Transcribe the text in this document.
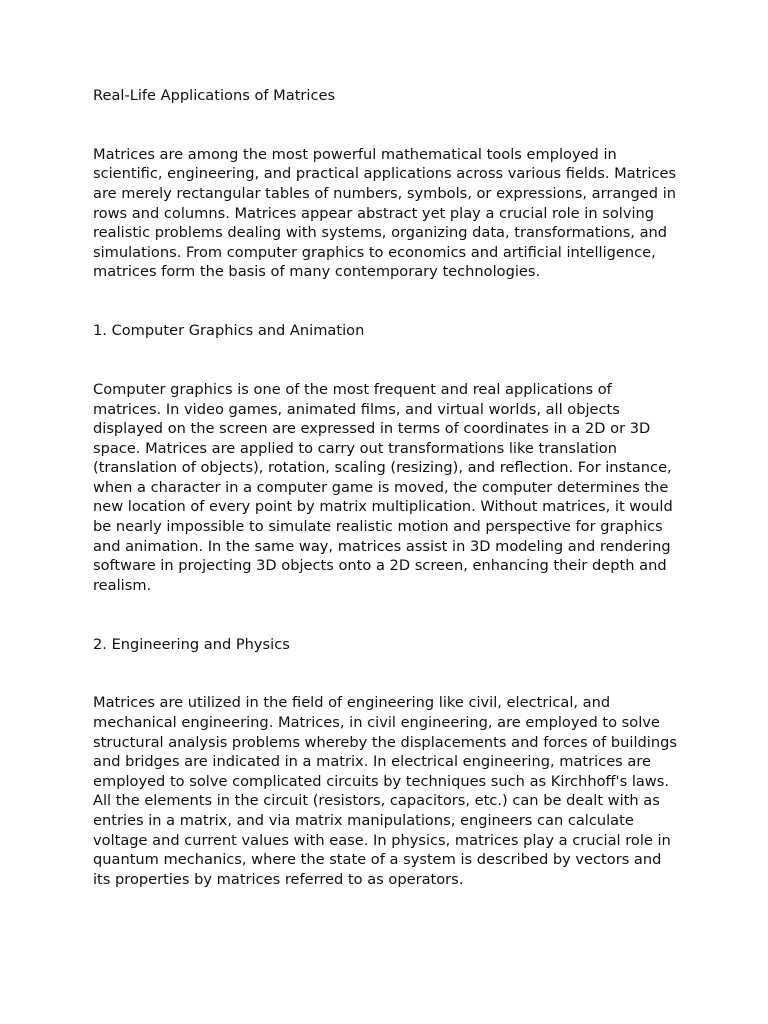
Real-Life Applications of Matrices

Matrices are among the most powerful mathematical tools employed in scientific, engineering, and practical applications across various fields. Matrices are merely rectangular tables of numbers, symbols, or expressions, arranged in rows and columns. Matrices appear abstract yet play a crucial role in solving realistic problems dealing with systems, organizing data, transformations, and simulations. From computer graphics to economics and artificial intelligence, matrices form the basis of many contemporary technologies.

1. Computer Graphics and Animation

Computer graphics is one of the most frequent and real applications of matrices. In video games, animated films, and virtual worlds, all objects displayed on the screen are expressed in terms of coordinates in a 2D or 3D space. Matrices are applied to carry out transformations like translation (translation of objects), rotation, scaling (resizing), and reflection. For instance, when a character in a computer game is moved, the computer determines the new location of every point by matrix multiplication. Without matrices, it would be nearly impossible to simulate realistic motion and perspective for graphics and animation. In the same way, matrices assist in 3D modeling and rendering software in projecting 3D objects onto a 2D screen, enhancing their depth and realism.

2. Engineering and Physics

Matrices are utilized in the field of engineering like civil, electrical, and mechanical engineering. Matrices, in civil engineering, are employed to solve structural analysis problems whereby the displacements and forces of buildings and bridges are indicated in a matrix. In electrical engineering, matrices are employed to solve complicated circuits by techniques such as Kirchhoff's laws. All the elements in the circuit (resistors, capacitors, etc.) can be dealt with as entries in a matrix, and via matrix manipulations, engineers can calculate voltage and current values with ease. In physics, matrices play a crucial role in quantum mechanics, where the state of a system is described by vectors and its properties by matrices referred to as operators.
